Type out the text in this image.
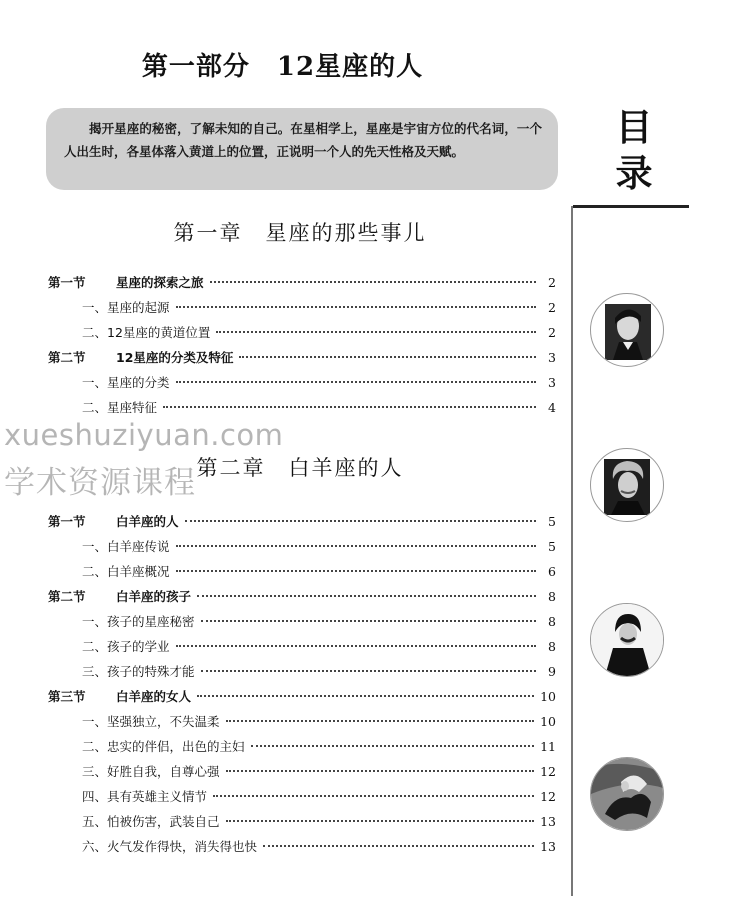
第一部分　12星座的人

揭开星座的秘密，了解未知的自己。在星相学上，星座是宇宙方位的代名词，一个人出生时，各星体落入黄道上的位置，正说明一个人的先天性格及天赋。

目
录
第一章　星座的那些事儿
第一节	星座的探索之旅	2
一、星座的起源	2
二、12星座的黄道位置	2
第二节	12星座的分类及特征	3
一、星座的分类	3
二、星座特征	4
第二章　白羊座的人
第一节	白羊座的人	5
一、白羊座传说	5
二、白羊座概况	6
第二节	白羊座的孩子	8
一、孩子的星座秘密	8
二、孩子的学业	8
三、孩子的特殊才能	9
第三节	白羊座的女人	10
一、坚强独立，不失温柔	10
二、忠实的伴侣，出色的主妇	11
三、好胜自我，自尊心强	12
四、具有英雄主义情节	12
五、怕被伤害，武装自己	13
六、火气发作得快，消失得也快	13
xueshuziyuan.com
学术资源课程
